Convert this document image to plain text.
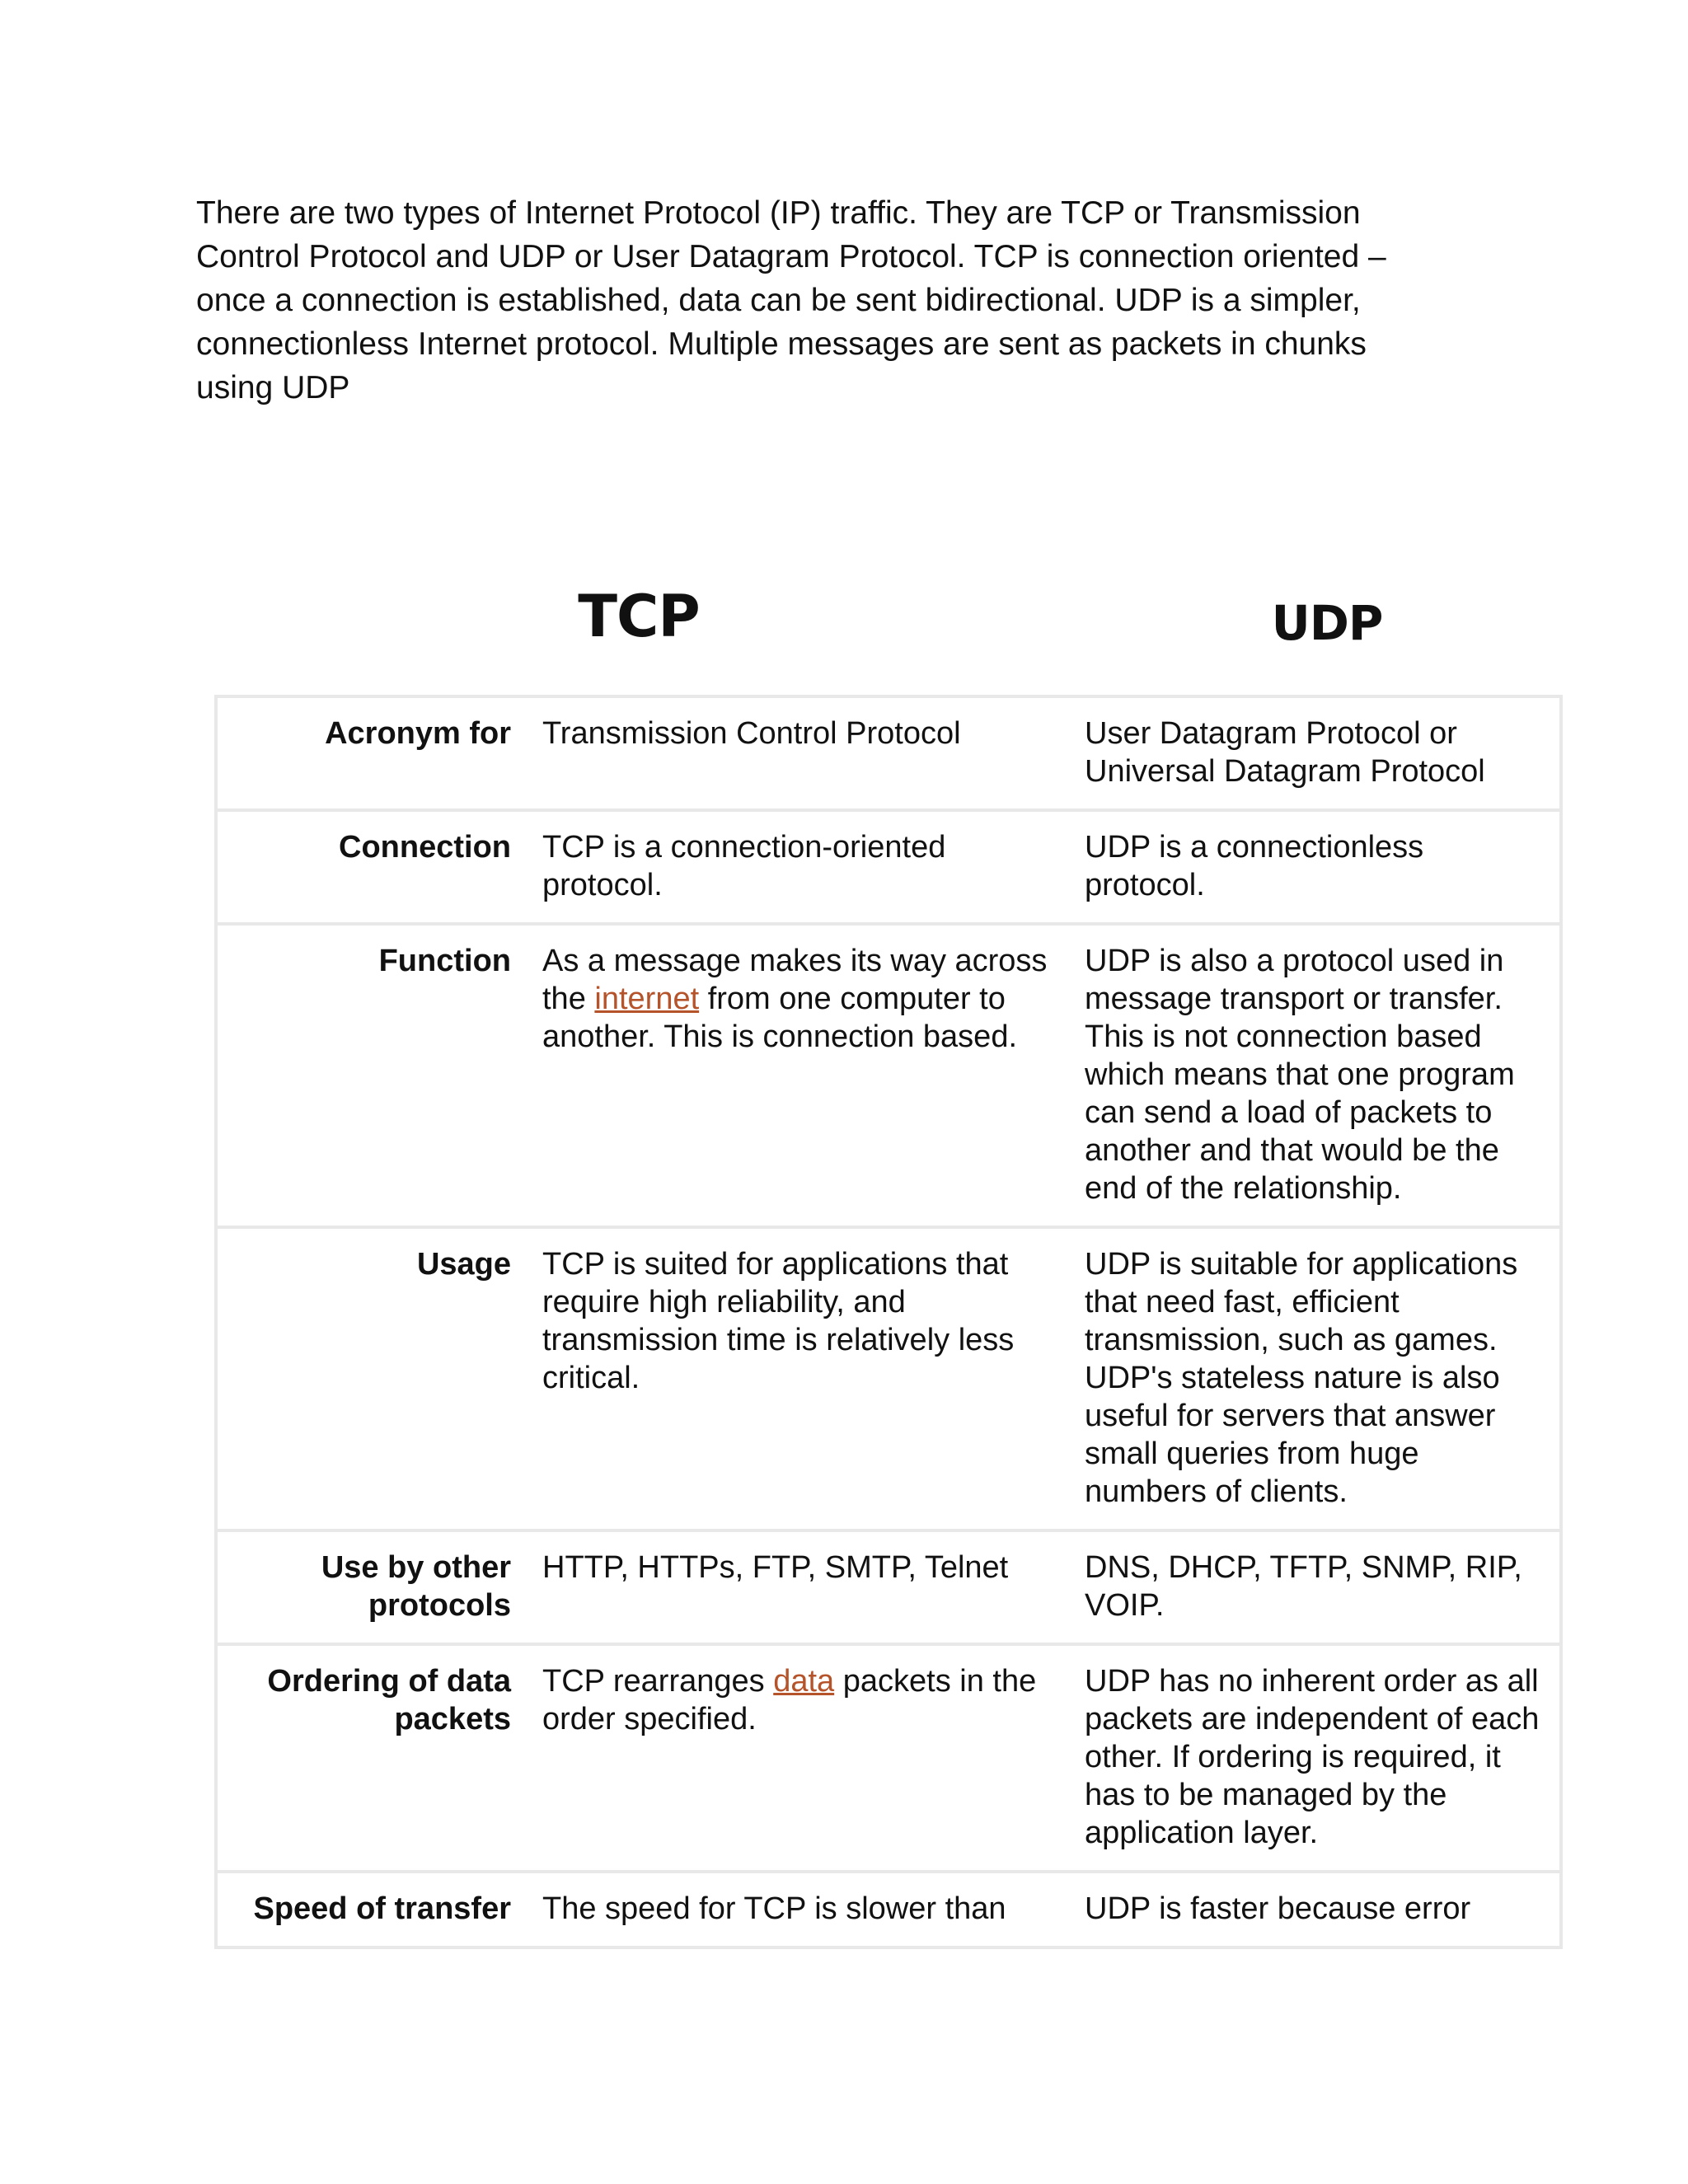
There are two types of Internet Protocol (IP) traffic. They are TCP or Transmission Control Protocol and UDP or User Datagram Protocol. TCP is connection oriented – once a connection is established, data can be sent bidirectional. UDP is a simpler, connectionless Internet protocol. Multiple messages are sent as packets in chunks using UDP

TCP	UDP
Acronym for	Transmission Control Protocol	User Datagram Protocol or Universal Datagram Protocol
Connection	TCP is a connection-oriented protocol.	UDP is a connectionless protocol.
Function	As a message makes its way across the internet from one computer to another. This is connection based.	UDP is also a protocol used in message transport or transfer. This is not connection based which means that one program can send a load of packets to another and that would be the end of the relationship.
Usage	TCP is suited for applications that require high reliability, and transmission time is relatively less critical.	UDP is suitable for applications that need fast, efficient transmission, such as games. UDP's stateless nature is also useful for servers that answer small queries from huge numbers of clients.
Use by other protocols	HTTP, HTTPs, FTP, SMTP, Telnet	DNS, DHCP, TFTP, SNMP, RIP, VOIP.
Ordering of data packets	TCP rearranges data packets in the order specified.	UDP has no inherent order as all packets are independent of each other. If ordering is required, it has to be managed by the application layer.
Speed of transfer	The speed for TCP is slower than	UDP is faster because error
